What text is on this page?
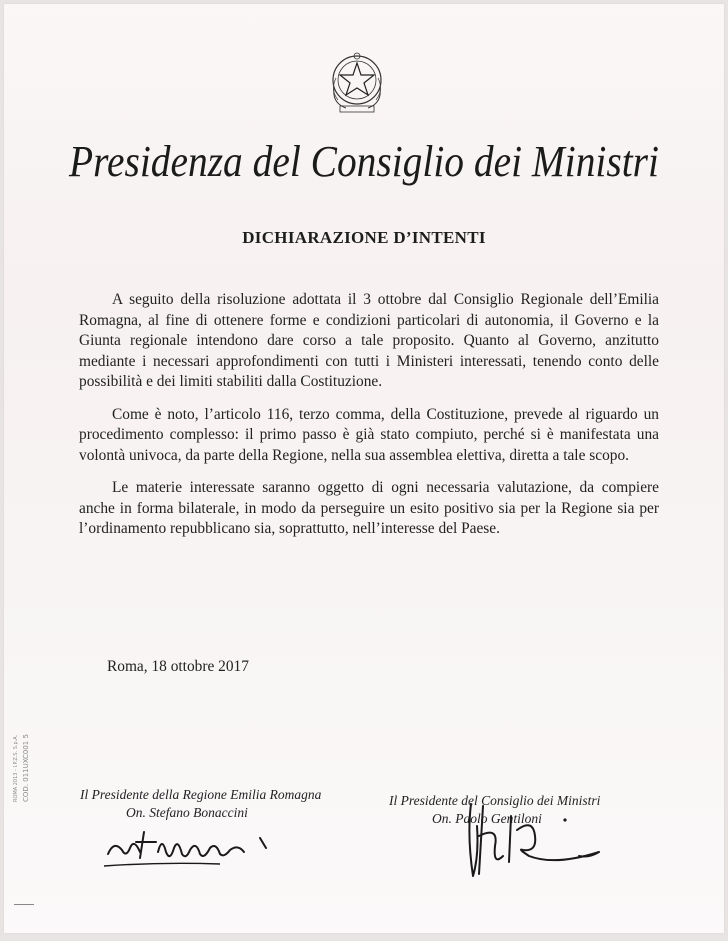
Presidenza del Consiglio dei Ministri
DICHIARAZIONE D’INTENTI

A seguito della risoluzione adottata il 3 ottobre dal Consiglio Regionale dell’Emilia Romagna, al fine di ottenere forme e condizioni particolari di autonomia, il Governo e la Giunta regionale intendono dare corso a tale proposito. Quanto al Governo, anzitutto mediante i necessari approfondimenti con tutti i Ministeri interessati, tenendo conto delle possibilità e dei limiti stabiliti dalla Costituzione.

Come è noto, l’articolo 116, terzo comma, della Costituzione, prevede al riguardo un procedimento complesso: il primo passo è già stato compiuto, perché si è manifestata una volontà univoca, da parte della Regione, nella sua assemblea elettiva, diretta a tale scopo.

Le materie interessate saranno oggetto di ogni necessaria valutazione, da compiere anche in forma bilaterale, in modo da perseguire un esito positivo sia per la Regione sia per l’ordinamento repubblicano sia, soprattutto, nell’interesse del Paese.

Roma, 18 ottobre 2017
COD. 011UXC001 5
ROMA 2013 - I.P.Z.S. S.p.A.	Il Presidente della Regione Emilia Romagna

On. Stefano Bonaccini

Il Presidente del Consiglio dei Ministri

On. Paolo Gentiloni
